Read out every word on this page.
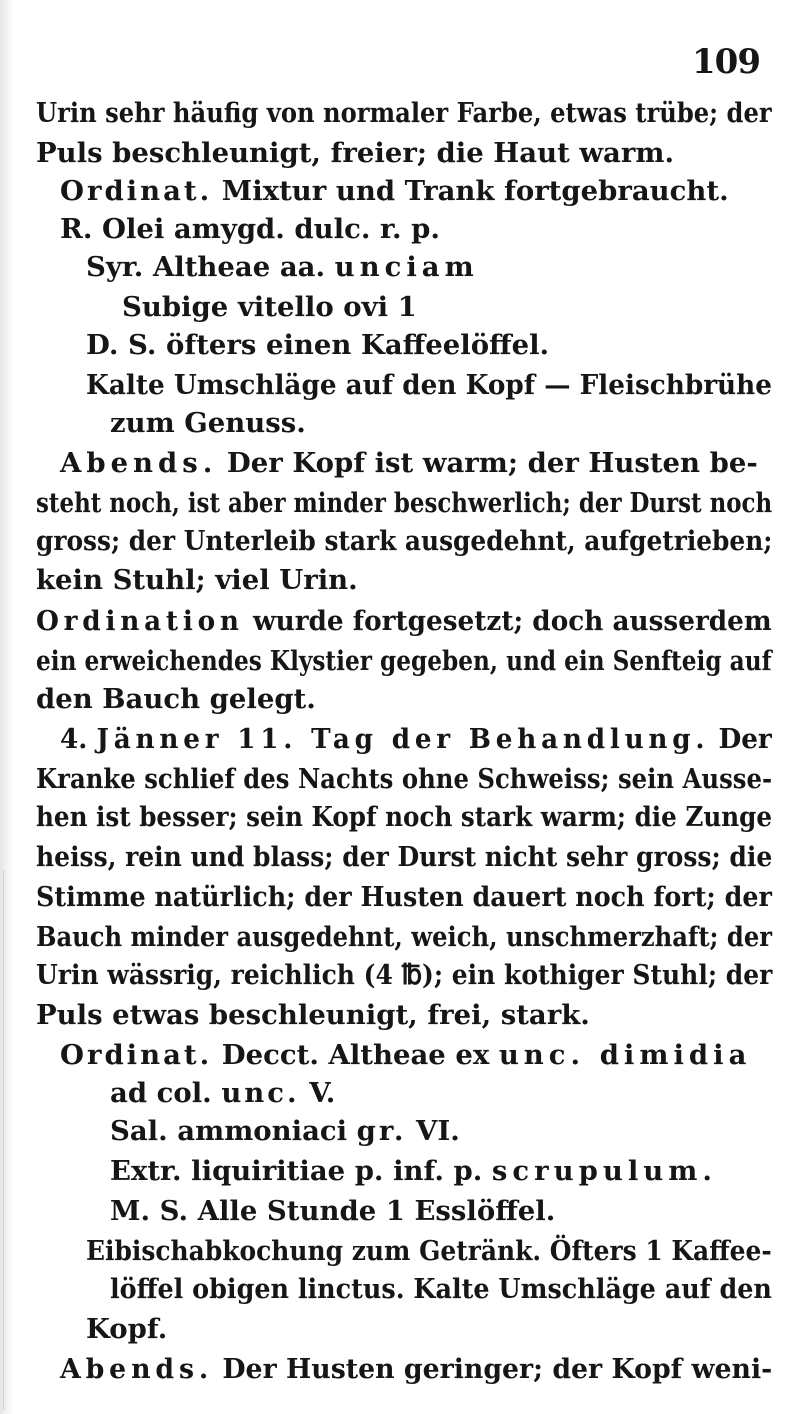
109
Urin sehr häufig von normaler Farbe, etwas trübe; der
Puls beschleunigt, freier; die Haut warm.
Ordinat. Mixtur und Trank fortgebraucht.
R. Olei amygd. dulc. r. p.
Syr. Altheae aa. unciam
Subige vitello ovi 1
D. S. öfters einen Kaffeelöffel.
Kalte Umschläge auf den Kopf — Fleischbrühe
zum Genuss.
Abends. Der Kopf ist warm; der Husten be-
steht noch, ist aber minder beschwerlich; der Durst noch
gross; der Unterleib stark ausgedehnt, aufgetrieben;
kein Stuhl; viel Urin.
Ordination wurde fortgesetzt; doch ausserdem
ein erweichendes Klystier gegeben, und ein Senfteig auf
den Bauch gelegt.
4. Jänner 11. Tag der Behandlung. Der
Kranke schlief des Nachts ohne Schweiss; sein Ausse-
hen ist besser; sein Kopf noch stark warm; die Zunge
heiss, rein und blass; der Durst nicht sehr gross; die
Stimme natürlich; der Husten dauert noch fort; der
Bauch minder ausgedehnt, weich, unschmerzhaft; der
Urin wässrig, reichlich (4 ℔); ein kothiger Stuhl; der
Puls etwas beschleunigt, frei, stark.
Ordinat. Decct. Altheae ex unc. dimidia
ad col. unc. V.
Sal. ammoniaci gr. VI.
Extr. liquiritiae p. inf. p. scrupulum.
M. S. Alle Stunde 1 Esslöffel.
Eibischabkochung zum Getränk. Öfters 1 Kaffee-
löffel obigen linctus. Kalte Umschläge auf den
Kopf.
Abends. Der Husten geringer; der Kopf weni-
